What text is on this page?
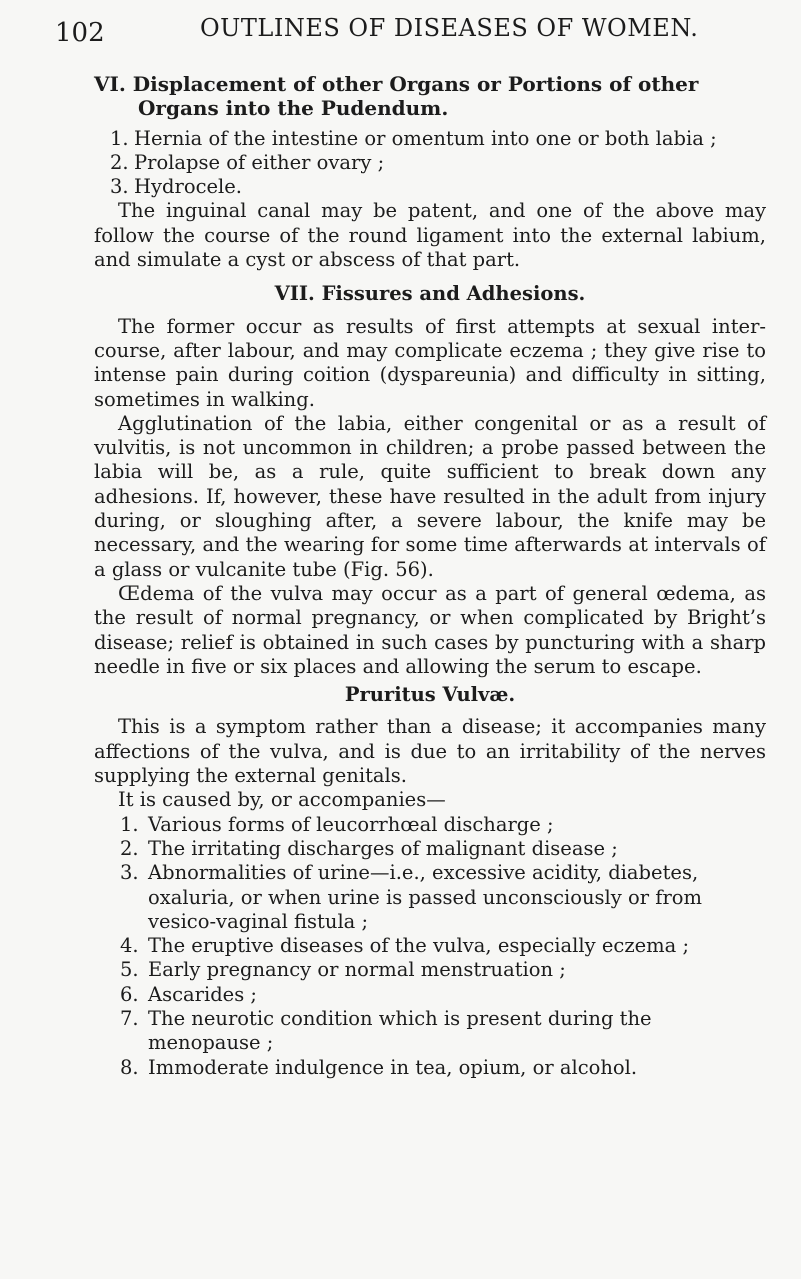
102	OUTLINES OF DISEASES OF WOMEN.
VI. Displacement of other Organs or Portions of other
Organs into the Pudendum.
1. Hernia of the intestine or omentum into one or both labia ;
2. Prolapse of either ovary ;
3. Hydrocele.

The inguinal canal may be patent, and one of the above may follow the course of the round ligament into the external labium, and simulate a cyst or abscess of that part.

VII. Fissures and Adhesions.

The former occur as results of first attempts at sexual inter-course, after labour, and may complicate eczema ; they give rise to intense pain during coition (dyspareunia) and difficulty in sitting, sometimes in walking.

Agglutination of the labia, either congenital or as a result of vulvitis, is not uncommon in children; a probe passed between the labia will be, as a rule, quite sufficient to break down any adhesions. If, however, these have resulted in the adult from injury during, or sloughing after, a severe labour, the knife may be necessary, and the wearing for some time afterwards at intervals of a glass or vulcanite tube (Fig. 56).

Œdema of the vulva may occur as a part of general œdema, as the result of normal pregnancy, or when complicated by Bright’s disease; relief is obtained in such cases by puncturing with a sharp needle in five or six places and allowing the serum to escape.

Pruritus Vulvæ.

This is a symptom rather than a disease; it accompanies many affections of the vulva, and is due to an irritability of the nerves supplying the external genitals.

It is caused by, or accompanies—

1. Various forms of leucorrhœal discharge ;
2. The irritating discharges of malignant disease ;
3. Abnormalities of urine—i.e., excessive acidity, diabetes, oxaluria, or when urine is passed unconsciously or from vesico-vaginal fistula ;
4. The eruptive diseases of the vulva, especially eczema ;
5. Early pregnancy or normal menstruation ;
6. Ascarides ;
7. The neurotic condition which is present during the menopause ;
8. Immoderate indulgence in tea, opium, or alcohol.
